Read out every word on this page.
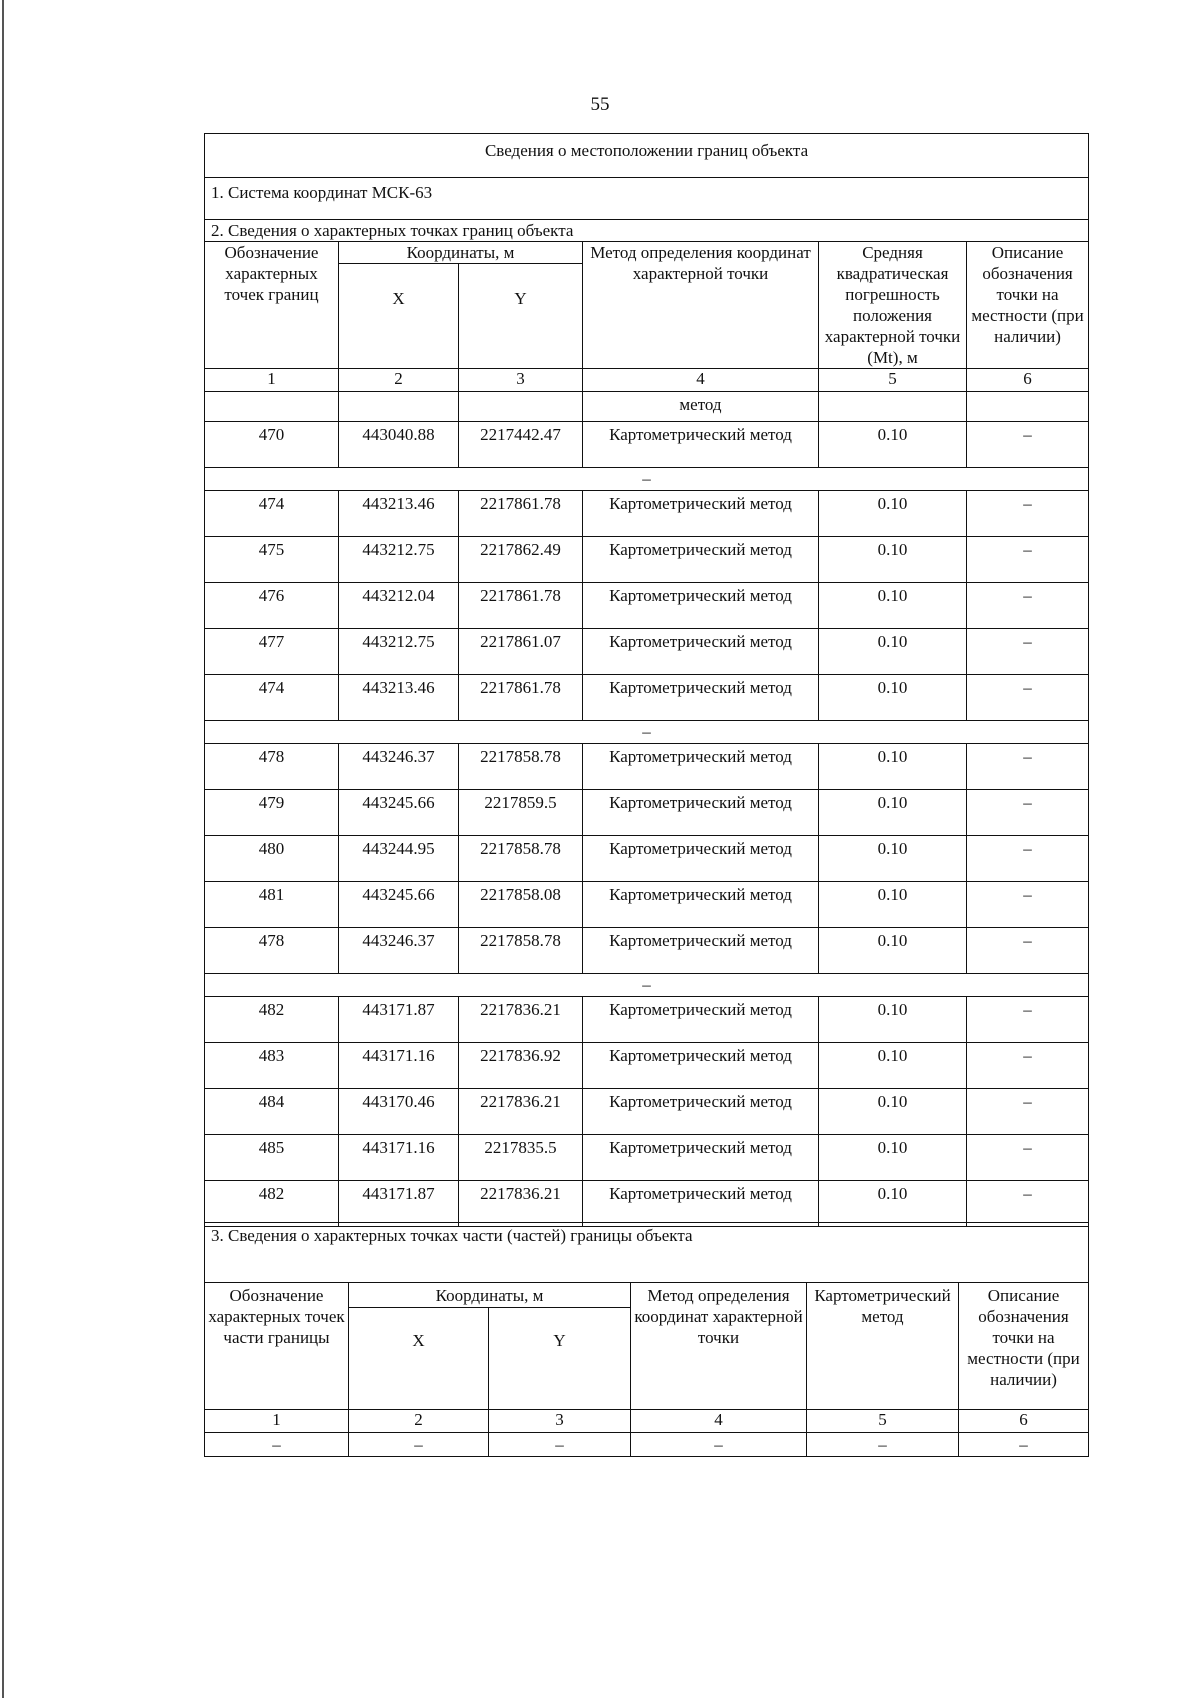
55
Сведения о местоположении границ объекта					
1. Система координат МСК-63					
2. Сведения о характерных точках границ объекта					
Обозначение характерных точек границ	Координаты, м		Метод определения координат характерной точки	Средняя квадратическая погрешность положения характерной точки (Mt), м	Описание обозначения точки на местности (при наличии)
	X	Y			
1	2	3	4	5	6
			метод		
470	443040.88	2217442.47	Картометрический метод	0.10	–
–					
474	443213.46	2217861.78	Картометрический метод	0.10	–
475	443212.75	2217862.49	Картометрический метод	0.10	–
476	443212.04	2217861.78	Картометрический метод	0.10	–
477	443212.75	2217861.07	Картометрический метод	0.10	–
474	443213.46	2217861.78	Картометрический метод	0.10	–
–					
478	443246.37	2217858.78	Картометрический метод	0.10	–
479	443245.66	2217859.5	Картометрический метод	0.10	–
480	443244.95	2217858.78	Картометрический метод	0.10	–
481	443245.66	2217858.08	Картометрический метод	0.10	–
478	443246.37	2217858.78	Картометрический метод	0.10	–
–					
482	443171.87	2217836.21	Картометрический метод	0.10	–
483	443171.16	2217836.92	Картометрический метод	0.10	–
484	443170.46	2217836.21	Картометрический метод	0.10	–
485	443171.16	2217835.5	Картометрический метод	0.10	–
482	443171.87	2217836.21	Картометрический метод	0.10	–
3. Сведения о характерных точках части (частей) границы объекта					
Обозначение характерных точек части границы	Координаты, м		Метод определения координат характерной точки	Картометрический метод	Описание обозначения точки на местности (при наличии)
	X	Y			
1	2	3	4	5	6
–	–	–	–	–	–
